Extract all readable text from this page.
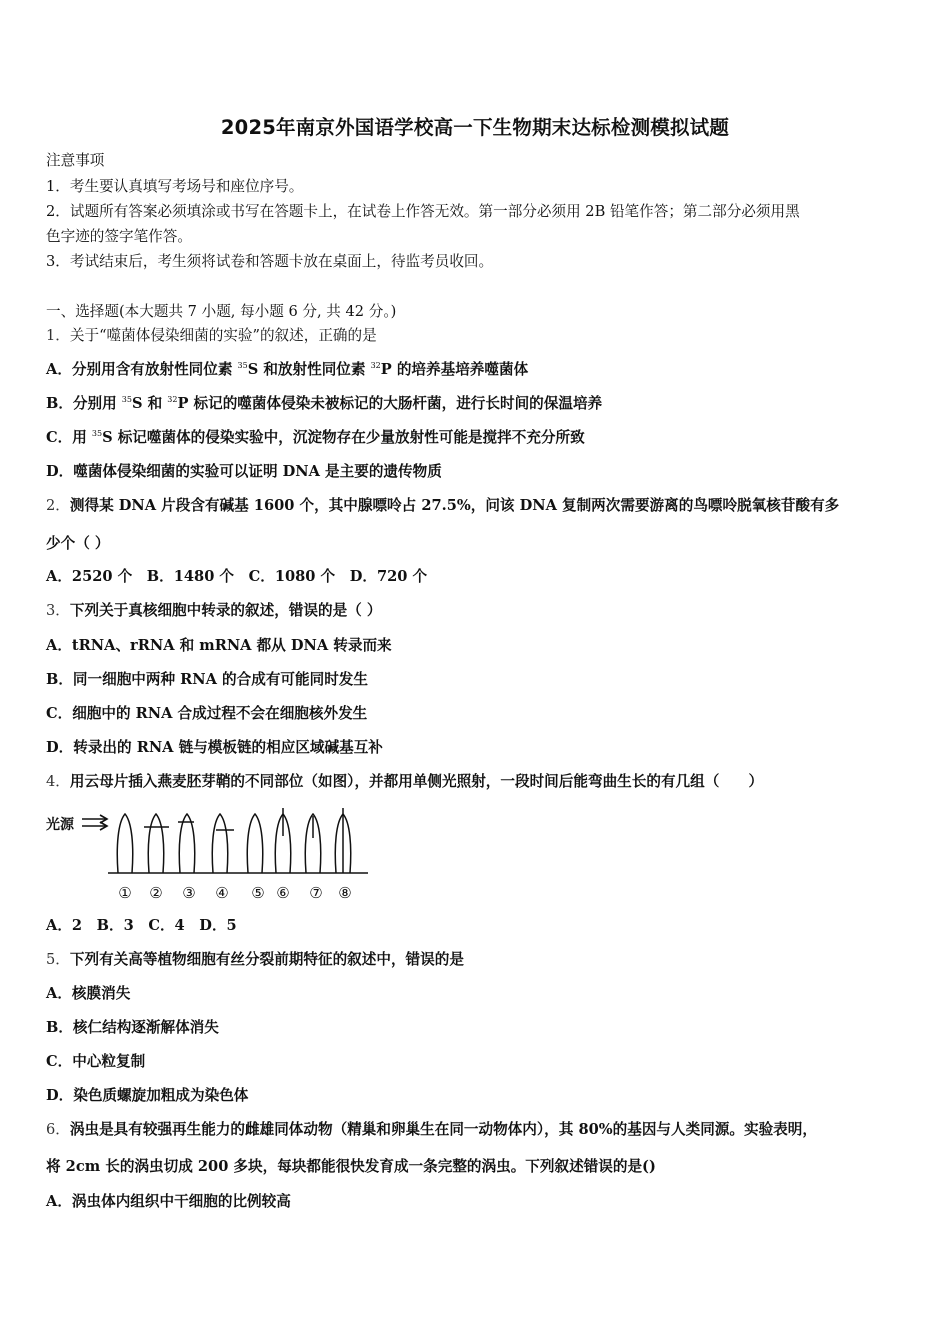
2025年南京外国语学校高一下生物期末达标检测模拟试题
注意事项
1．考生要认真填写考场号和座位序号。
2．试题所有答案必须填涂或书写在答题卡上，在试卷上作答无效。第一部分必须用 2B 铅笔作答；第二部分必须用黑
色字迹的签字笔作答。
3．考试结束后，考生须将试卷和答题卡放在桌面上，待监考员收回。
一、选择题(本大题共 7 小题, 每小题 6 分, 共 42 分。)
1．关于“噬菌体侵染细菌的实验”的叙述，正确的是
A．分别用含有放射性同位素 $^{35}$S 和放射性同位素 $^{32}$P 的培养基培养噬菌体
B．分别用 $^{35}$S 和 $^{32}$P 标记的噬菌体侵染未被标记的大肠杆菌，进行长时间的保温培养
C．用 $^{35}$S 标记噬菌体的侵染实验中，沉淀物存在少量放射性可能是搅拌不充分所致
D．噬菌体侵染细菌的实验可以证明 DNA 是主要的遗传物质
2．测得某 DNA 片段含有碱基 1600 个，其中腺嘌呤占 27.5%，问该 DNA 复制两次需要游离的鸟嘌呤脱氧核苷酸有多
少个（ ）
A．2520 个　B．1480 个　C．1080 个　D．720 个
3．下列关于真核细胞中转录的叙述，错误的是（ ）
A．tRNA、rRNA 和 mRNA 都从 DNA 转录而来
B．同一细胞中两种 RNA 的合成有可能同时发生
C．细胞中的 RNA 合成过程不会在细胞核外发生
D．转录出的 RNA 链与模板链的相应区域碱基互补
4．用云母片插入燕麦胚芽鞘的不同部位（如图），并都用单侧光照射，一段时间后能弯曲生长的有几组（　　）
光源
① ② ③ ④ ⑤ ⑥ ⑦ ⑧
A．2　B．3　C．4　D．5
5．下列有关高等植物细胞有丝分裂前期特征的叙述中，错误的是
A．核膜消失
B．核仁结构逐渐解体消失
C．中心粒复制
D．染色质螺旋加粗成为染色体
6．涡虫是具有较强再生能力的雌雄同体动物（精巢和卵巢生在同一动物体内），其 80%的基因与人类同源。实验表明，
将 2cm 长的涡虫切成 200 多块，每块都能很快发育成一条完整的涡虫。下列叙述错误的是()
A．涡虫体内组织中干细胞的比例较高
